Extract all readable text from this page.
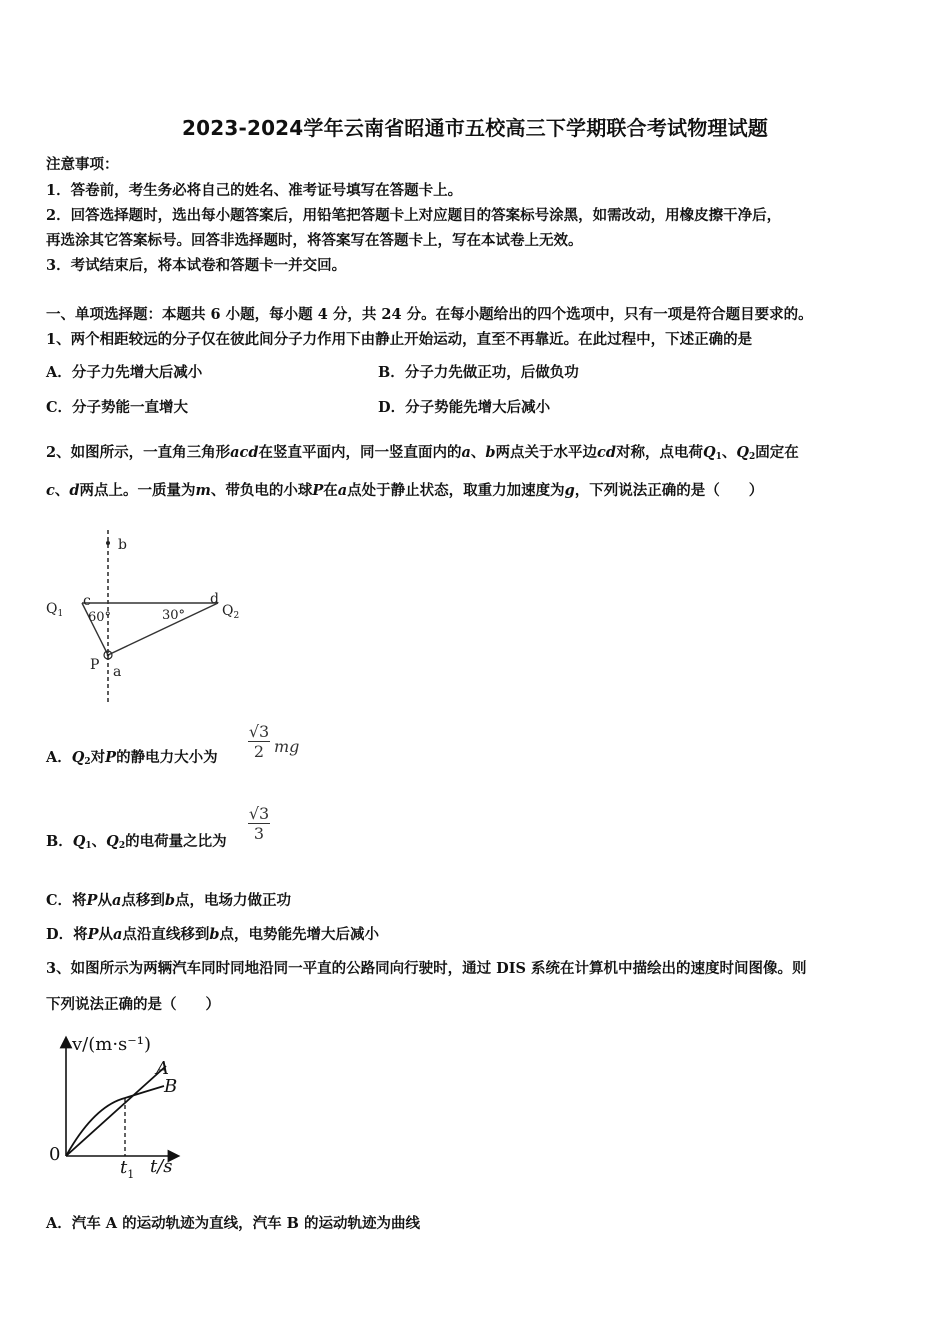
2023-2024学年云南省昭通市五校高三下学期联合考试物理试题
注意事项：
1．答卷前，考生务必将自己的姓名、准考证号填写在答题卡上。
2．回答选择题时，选出每小题答案后，用铅笔把答题卡上对应题目的答案标号涂黑，如需改动，用橡皮擦干净后，
再选涂其它答案标号。回答非选择题时，将答案写在答题卡上，写在本试卷上无效。
3．考试结束后，将本试卷和答题卡一并交回。
一、单项选择题：本题共 6 小题，每小题 4 分，共 24 分。在每小题给出的四个选项中，只有一项是符合题目要求的。
1、两个相距较远的分子仅在彼此间分子力作用下由静止开始运动，直至不再靠近。在此过程中，下述正确的是
A．分子力先增大后减小	B．分子力先做正功，后做负功
C．分子势能一直增大	D．分子势能先增大后减小
2、如图所示，一直角三角形acd在竖直平面内，同一竖直面内的a、b两点关于水平边cd对称，点电荷$Q_1$、$Q_2$固定在
c、d两点上。一质量为m、带负电的小球P在a点处于静止状态，取重力加速度为g，下列说法正确的是（　　）
b
$Q_1$
c
60°	30°
d
$Q_2$
P a
A．$Q_2$对P的静电力大小为 $\frac{√3}{2}$ mg
B．$Q_1$、$Q_2$的电荷量之比为 $\frac{√3}{3}$
C．将P从a点移到b点，电场力做正功
D．将P从a点沿直线移到b点，电势能先增大后减小
3、如图所示为两辆汽车同时同地沿同一平直的公路同向行驶时，通过 DIS 系统在计算机中描绘出的速度时间图像。则
下列说法正确的是（　　）
v/(m·s⁻¹)
0
A
B
$t_1$ t/s
A．汽车 A 的运动轨迹为直线，汽车 B 的运动轨迹为曲线
